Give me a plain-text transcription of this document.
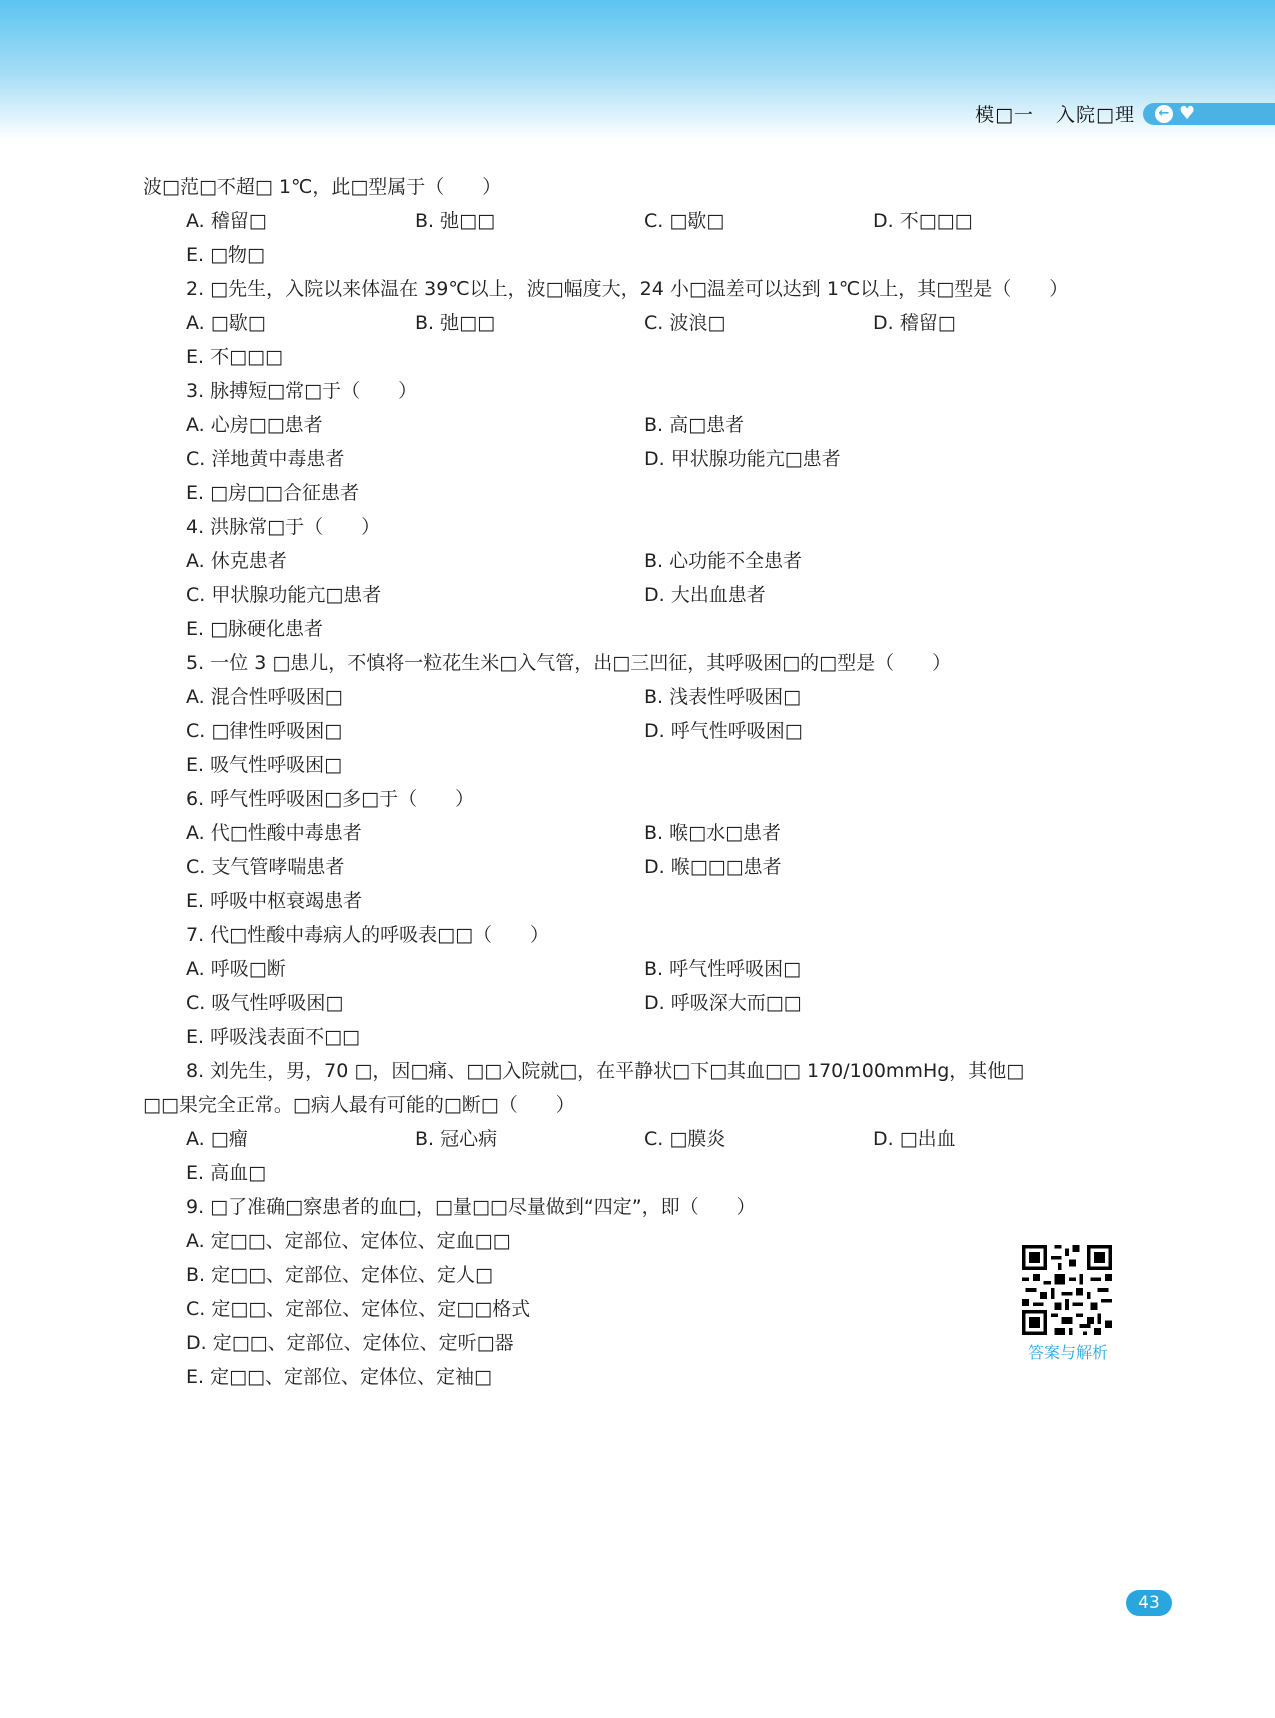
模□一 入院□理 ← ♥
波□范□不超□ 1℃，此□型属于（　　）
A. 稽留□	B. 弛□□	C. □歇□	D. 不□□□
E. □物□
2. □先生，入院以来体温在 39℃以上，波□幅度大，24 小□温差可以达到 1℃以上，其□型是（　　）
A. □歇□	B. 弛□□	C. 波浪□	D. 稽留□
E. 不□□□
3. 脉搏短□常□于（　　）
A. 心房□□患者	B. 高□患者
C. 洋地黄中毒患者	D. 甲状腺功能亢□患者
E. □房□□合征患者
4. 洪脉常□于（　　）
A. 休克患者	B. 心功能不全患者
C. 甲状腺功能亢□患者	D. 大出血患者
E. □脉硬化患者
5. 一位 3 □患儿，不慎将一粒花生米□入气管，出□三凹征，其呼吸困□的□型是（　　）
A. 混合性呼吸困□	B. 浅表性呼吸困□
C. □律性呼吸困□	D. 呼气性呼吸困□
E. 吸气性呼吸困□
6. 呼气性呼吸困□多□于（　　）
A. 代□性酸中毒患者	B. 喉□水□患者
C. 支气管哮喘患者	D. 喉□□□患者
E. 呼吸中枢衰竭患者
7. 代□性酸中毒病人的呼吸表□□（　　）
A. 呼吸□断	B. 呼气性呼吸困□
C. 吸气性呼吸困□	D. 呼吸深大而□□
E. 呼吸浅表面不□□
8. 刘先生，男，70 □，因□痛、□□入院就□，在平静状□下□其血□□ 170/100mmHg，其他□
□□果完全正常。□病人最有可能的□断□（　　）
A. □瘤	B. 冠心病	C. □膜炎	D. □出血
E. 高血□
9. □了准确□察患者的血□，□量□□尽量做到“四定”，即（　　）
A. 定□□、定部位、定体位、定血□□
B. 定□□、定部位、定体位、定人□
C. 定□□、定部位、定体位、定□□格式
D. 定□□、定部位、定体位、定听□器
E. 定□□、定部位、定体位、定袖□
答案与解析
43
